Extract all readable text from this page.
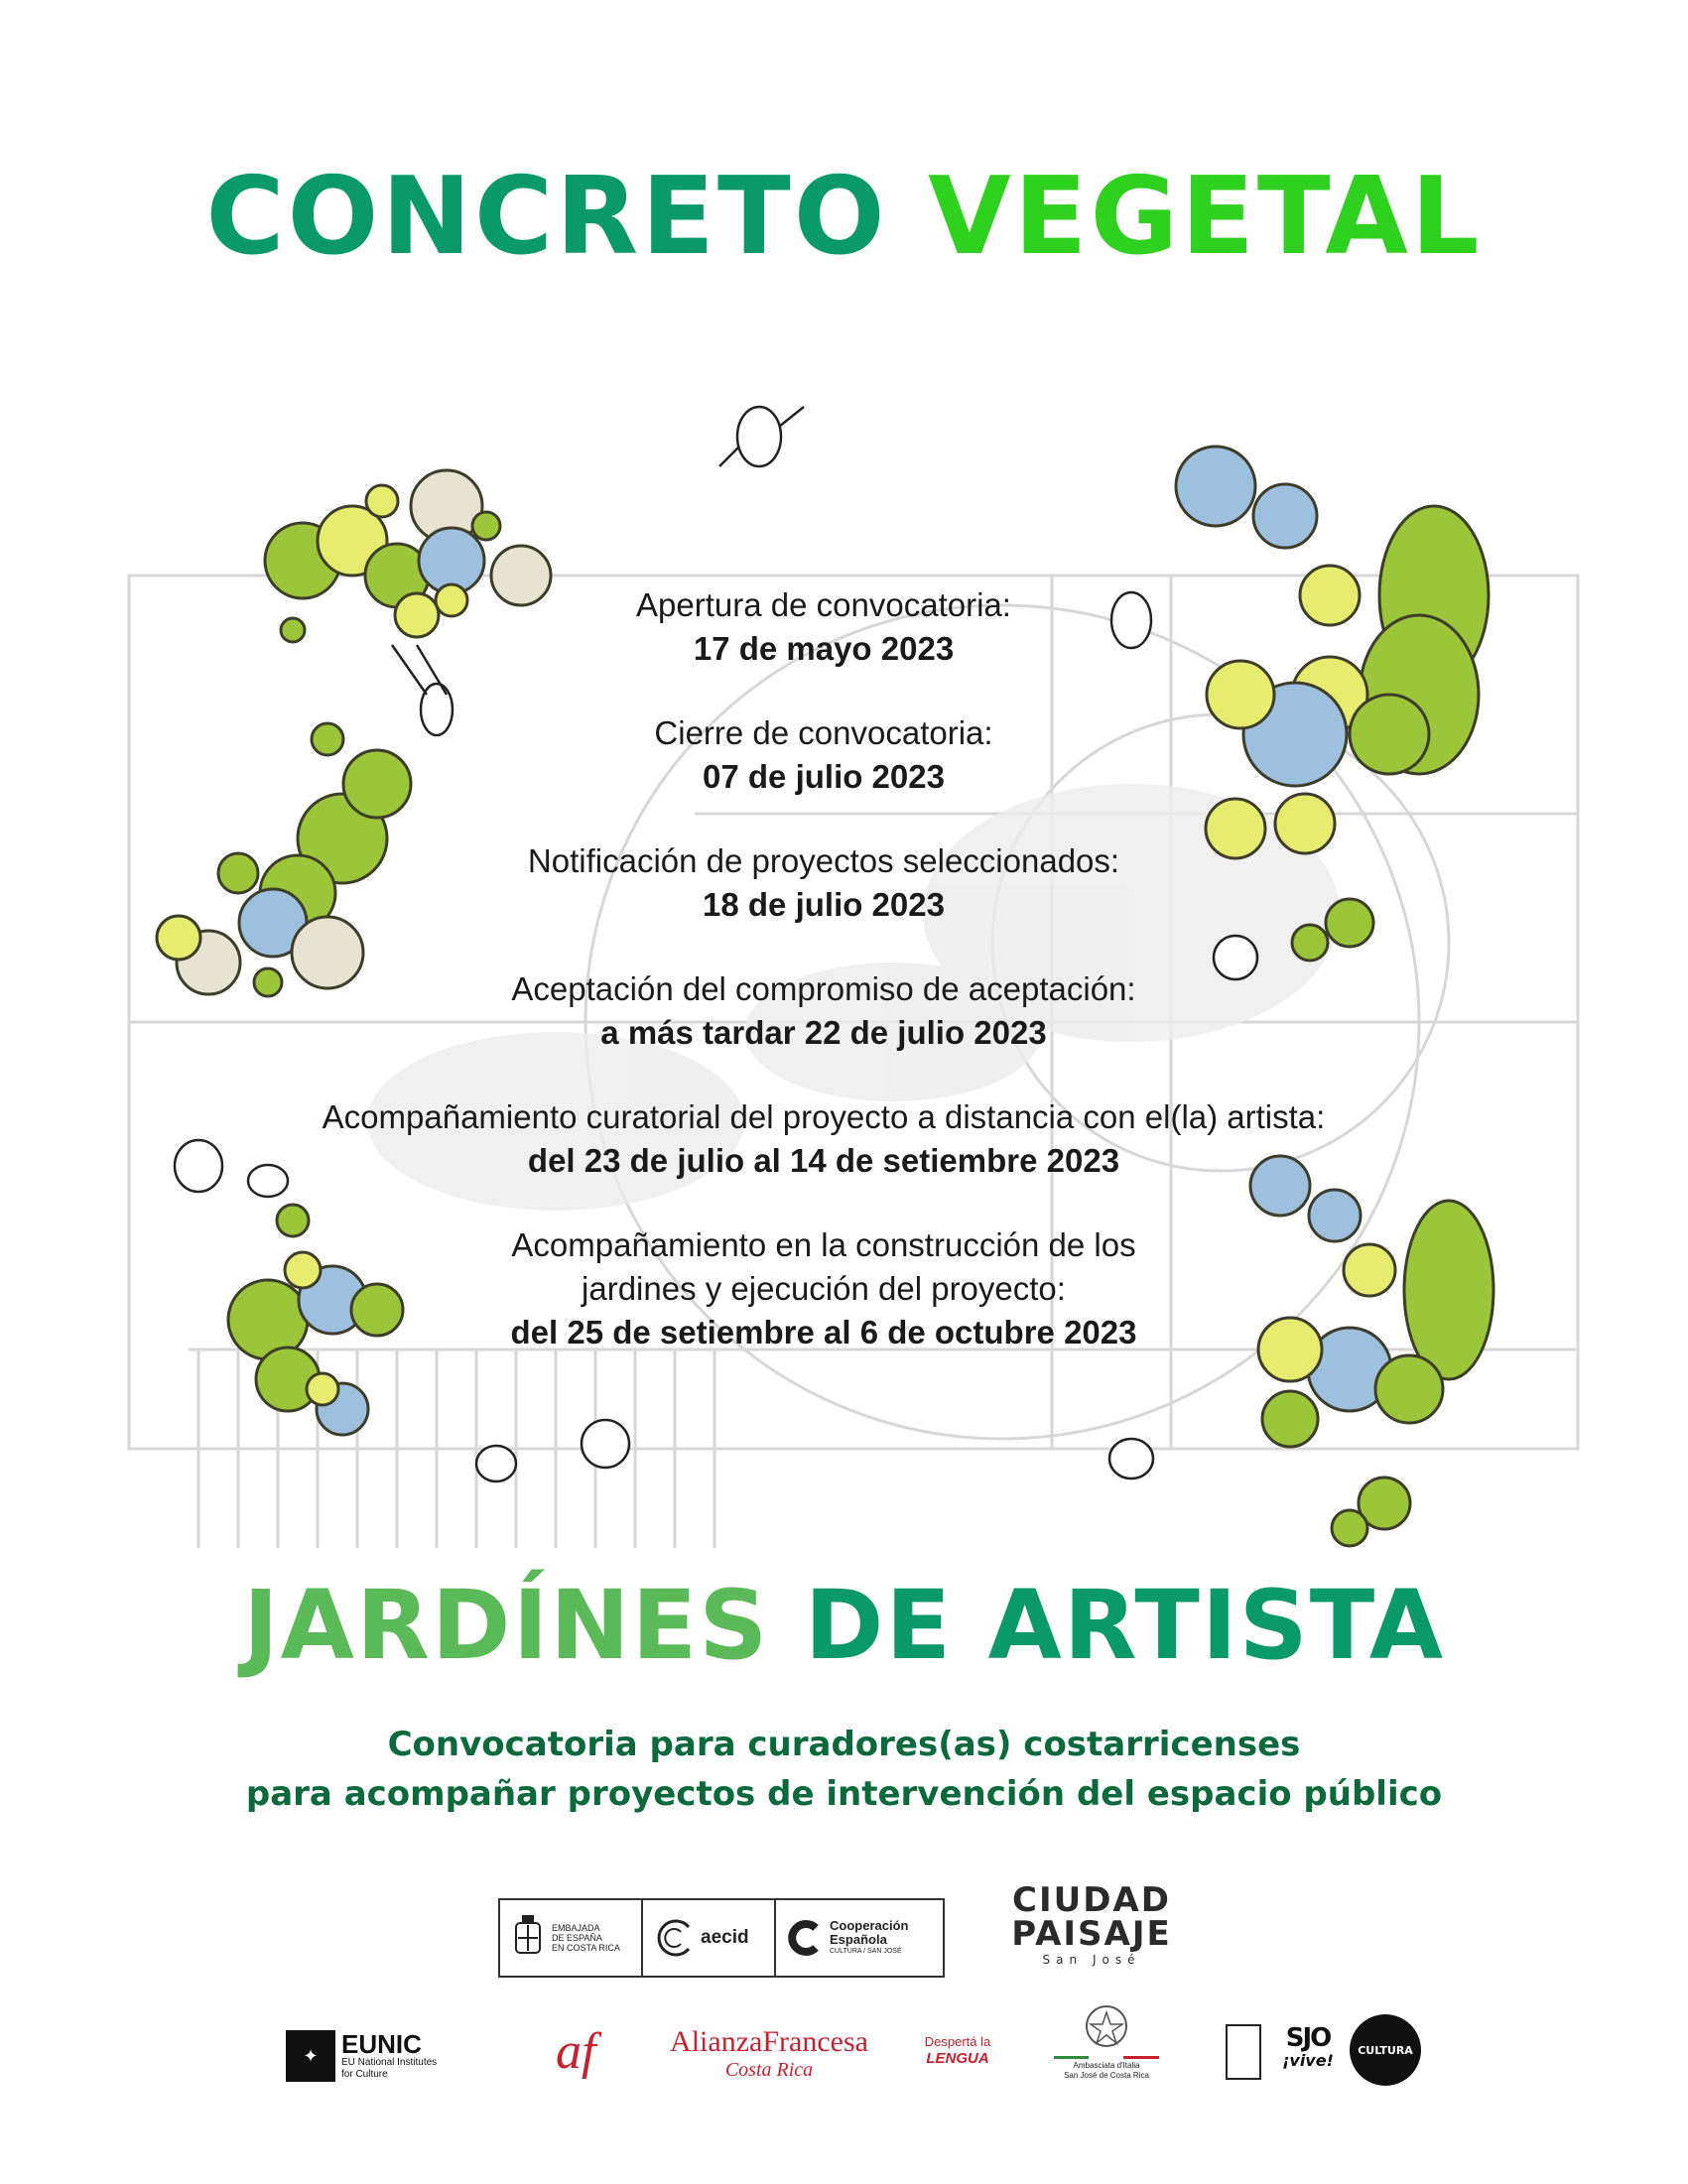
CONCRETO VEGETAL
Apertura de convocatoria:
17 de mayo 2023
Cierre de convocatoria:
07 de julio 2023
Notificación de proyectos seleccionados:
18 de julio 2023
Aceptación del compromiso de aceptación:
a más tardar 22 de julio 2023
Acompañamiento curatorial del proyecto a distancia con el(la) artista:
del 23 de julio al 14 de setiembre 2023
Acompañamiento en la construcción de los
jardines y ejecución del proyecto:
del 25 de setiembre al 6 de octubre 2023
JARDÍNES DE ARTISTA
Convocatoria para curadores(as) costarricenses
para acompañar proyectos de intervención del espacio público
EMBAJADA
DE ESPAÑA
EN COSTA RICA	aecid
Cooperación
Española
CULTURA / SAN JOSÉ
CIUDAD
PAISAJE
San José
✦ EUNIC
EU National Institutes
for Culture	af	AlianzaFrancesa
Costa Rica
Despertá la
LENGUA	Ambasciata d'Italia
San José de Costa Rica
SJO
¡vive!
CULTURA
